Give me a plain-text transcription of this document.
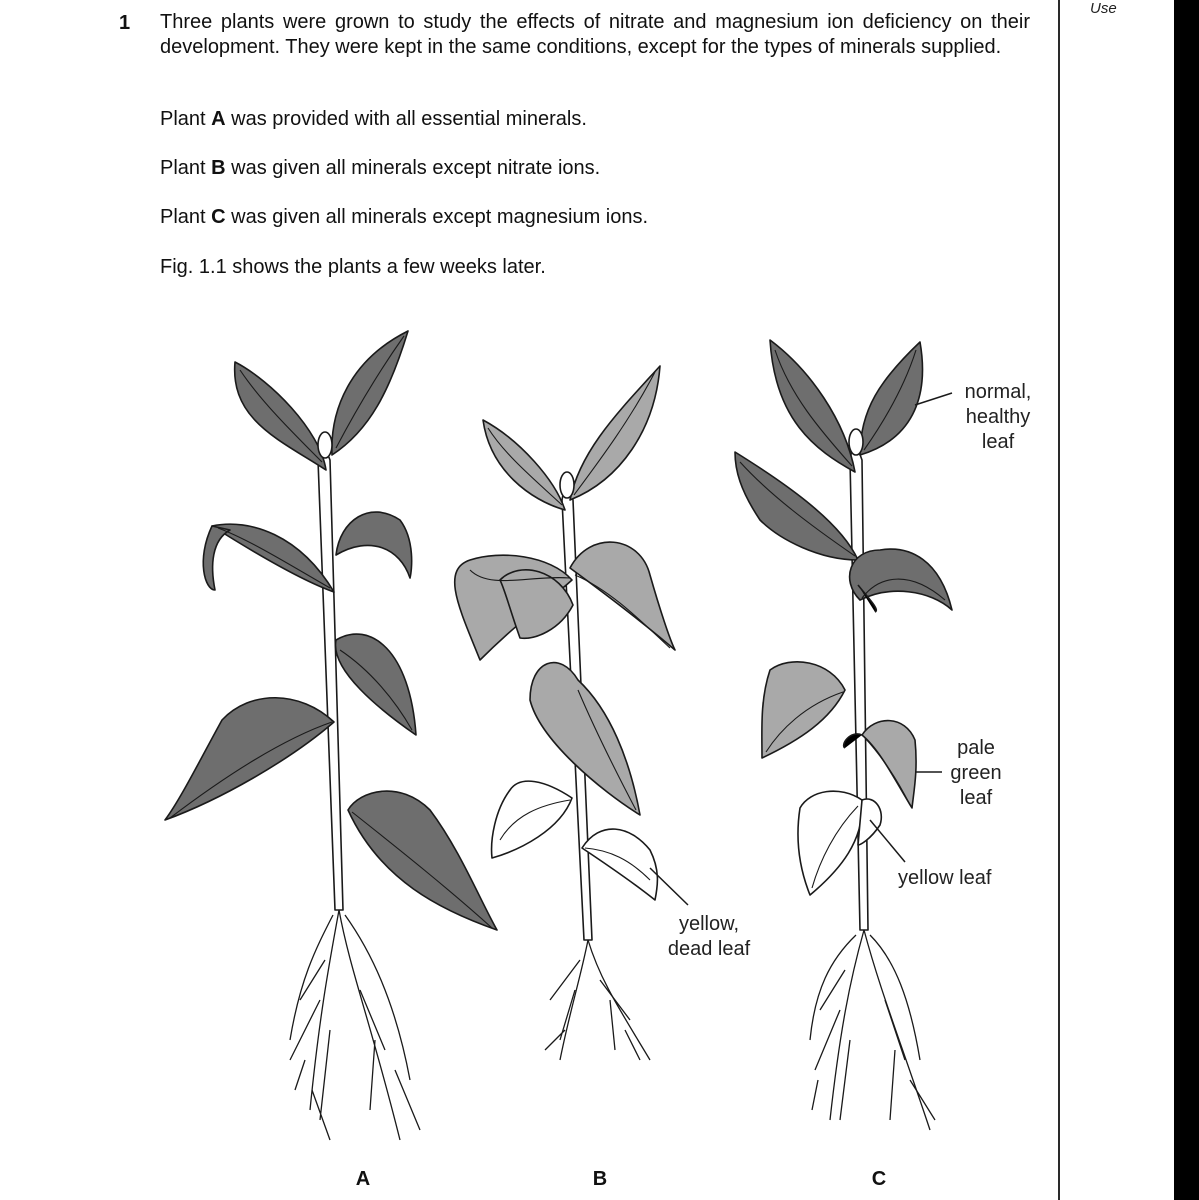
Use
1 Three plants were grown to study the effects of nitrate and magnesium ion deficiency on their development. They were kept in the same conditions, except for the types of minerals supplied.

Plant A was provided with all essential minerals.

Plant B was given all minerals except nitrate ions.

Plant C was given all minerals except magnesium ions.

Fig. 1.1 shows the plants a few weeks later.

normal,
healthy
leaf
pale
green
leaf
yellow leaf
yellow,
dead leaf
A	B	C
